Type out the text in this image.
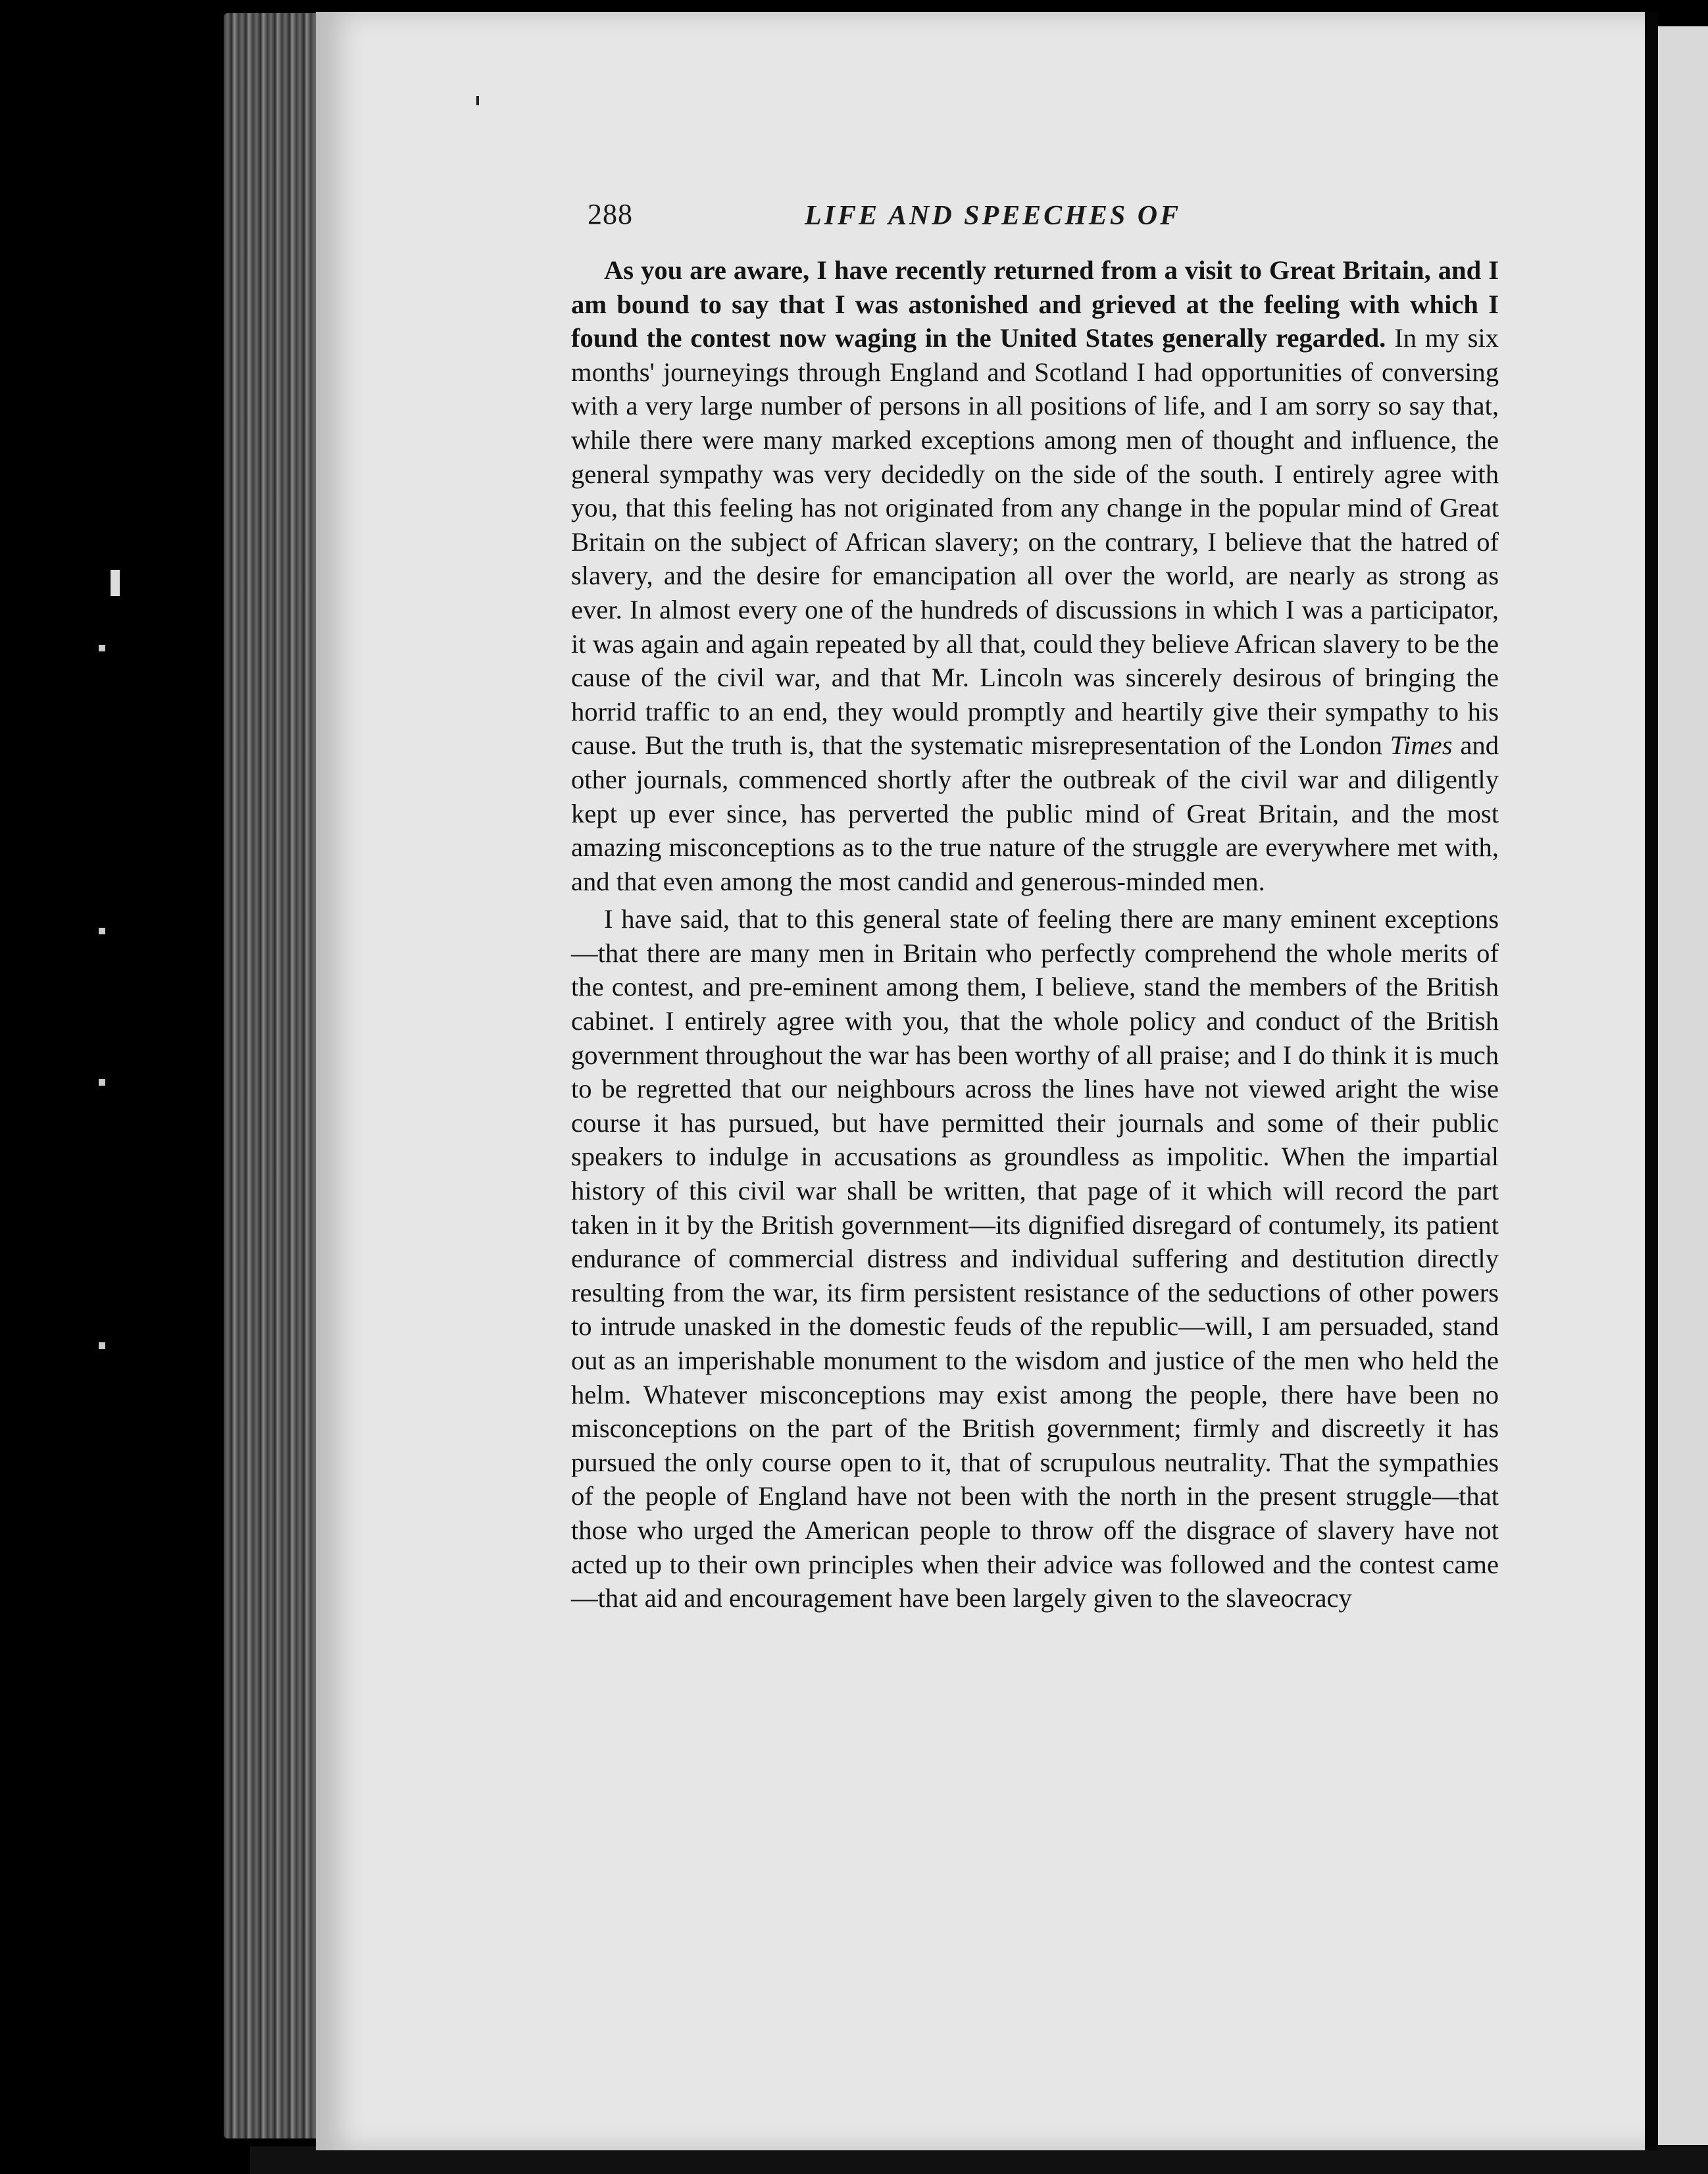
288	LIFE AND SPEECHES OF

As you are aware, I have recently returned from a visit to Great Britain, and I am bound to say that I was astonished and grieved at the feeling with which I found the contest now waging in the United States generally regarded. In my six months' journeyings through England and Scotland I had opportunities of conversing with a very large number of persons in all positions of life, and I am sorry so say that, while there were many marked exceptions among men of thought and influence, the general sympathy was very decidedly on the side of the south. I entirely agree with you, that this feeling has not originated from any change in the popular mind of Great Britain on the subject of African slavery; on the contrary, I believe that the hatred of slavery, and the desire for emancipation all over the world, are nearly as strong as ever. In almost every one of the hundreds of discussions in which I was a participator, it was again and again repeated by all that, could they believe African slavery to be the cause of the civil war, and that Mr. Lincoln was sincerely desirous of bringing the horrid traffic to an end, they would promptly and heartily give their sympathy to his cause. But the truth is, that the systematic misrepresentation of the London Times and other journals, commenced shortly after the outbreak of the civil war and diligently kept up ever since, has perverted the public mind of Great Britain, and the most amazing misconceptions as to the true nature of the struggle are everywhere met with, and that even among the most candid and generous-minded men.

I have said, that to this general state of feeling there are many eminent exceptions—that there are many men in Britain who perfectly comprehend the whole merits of the contest, and pre-eminent among them, I believe, stand the members of the British cabinet. I entirely agree with you, that the whole policy and conduct of the British government throughout the war has been worthy of all praise; and I do think it is much to be regretted that our neighbours across the lines have not viewed aright the wise course it has pursued, but have permitted their journals and some of their public speakers to indulge in accusations as groundless as impolitic. When the impartial history of this civil war shall be written, that page of it which will record the part taken in it by the British government—its dignified disregard of contumely, its patient endurance of commercial distress and individual suffering and destitution directly resulting from the war, its firm persistent resistance of the seductions of other powers to intrude unasked in the domestic feuds of the republic—will, I am persuaded, stand out as an imperishable monument to the wisdom and justice of the men who held the helm. Whatever misconceptions may exist among the people, there have been no misconceptions on the part of the British government; firmly and discreetly it has pursued the only course open to it, that of scrupulous neutrality. That the sympathies of the people of England have not been with the north in the present struggle—that those who urged the American people to throw off the disgrace of slavery have not acted up to their own principles when their advice was followed and the contest came —that aid and encouragement have been largely given to the slaveocracy
